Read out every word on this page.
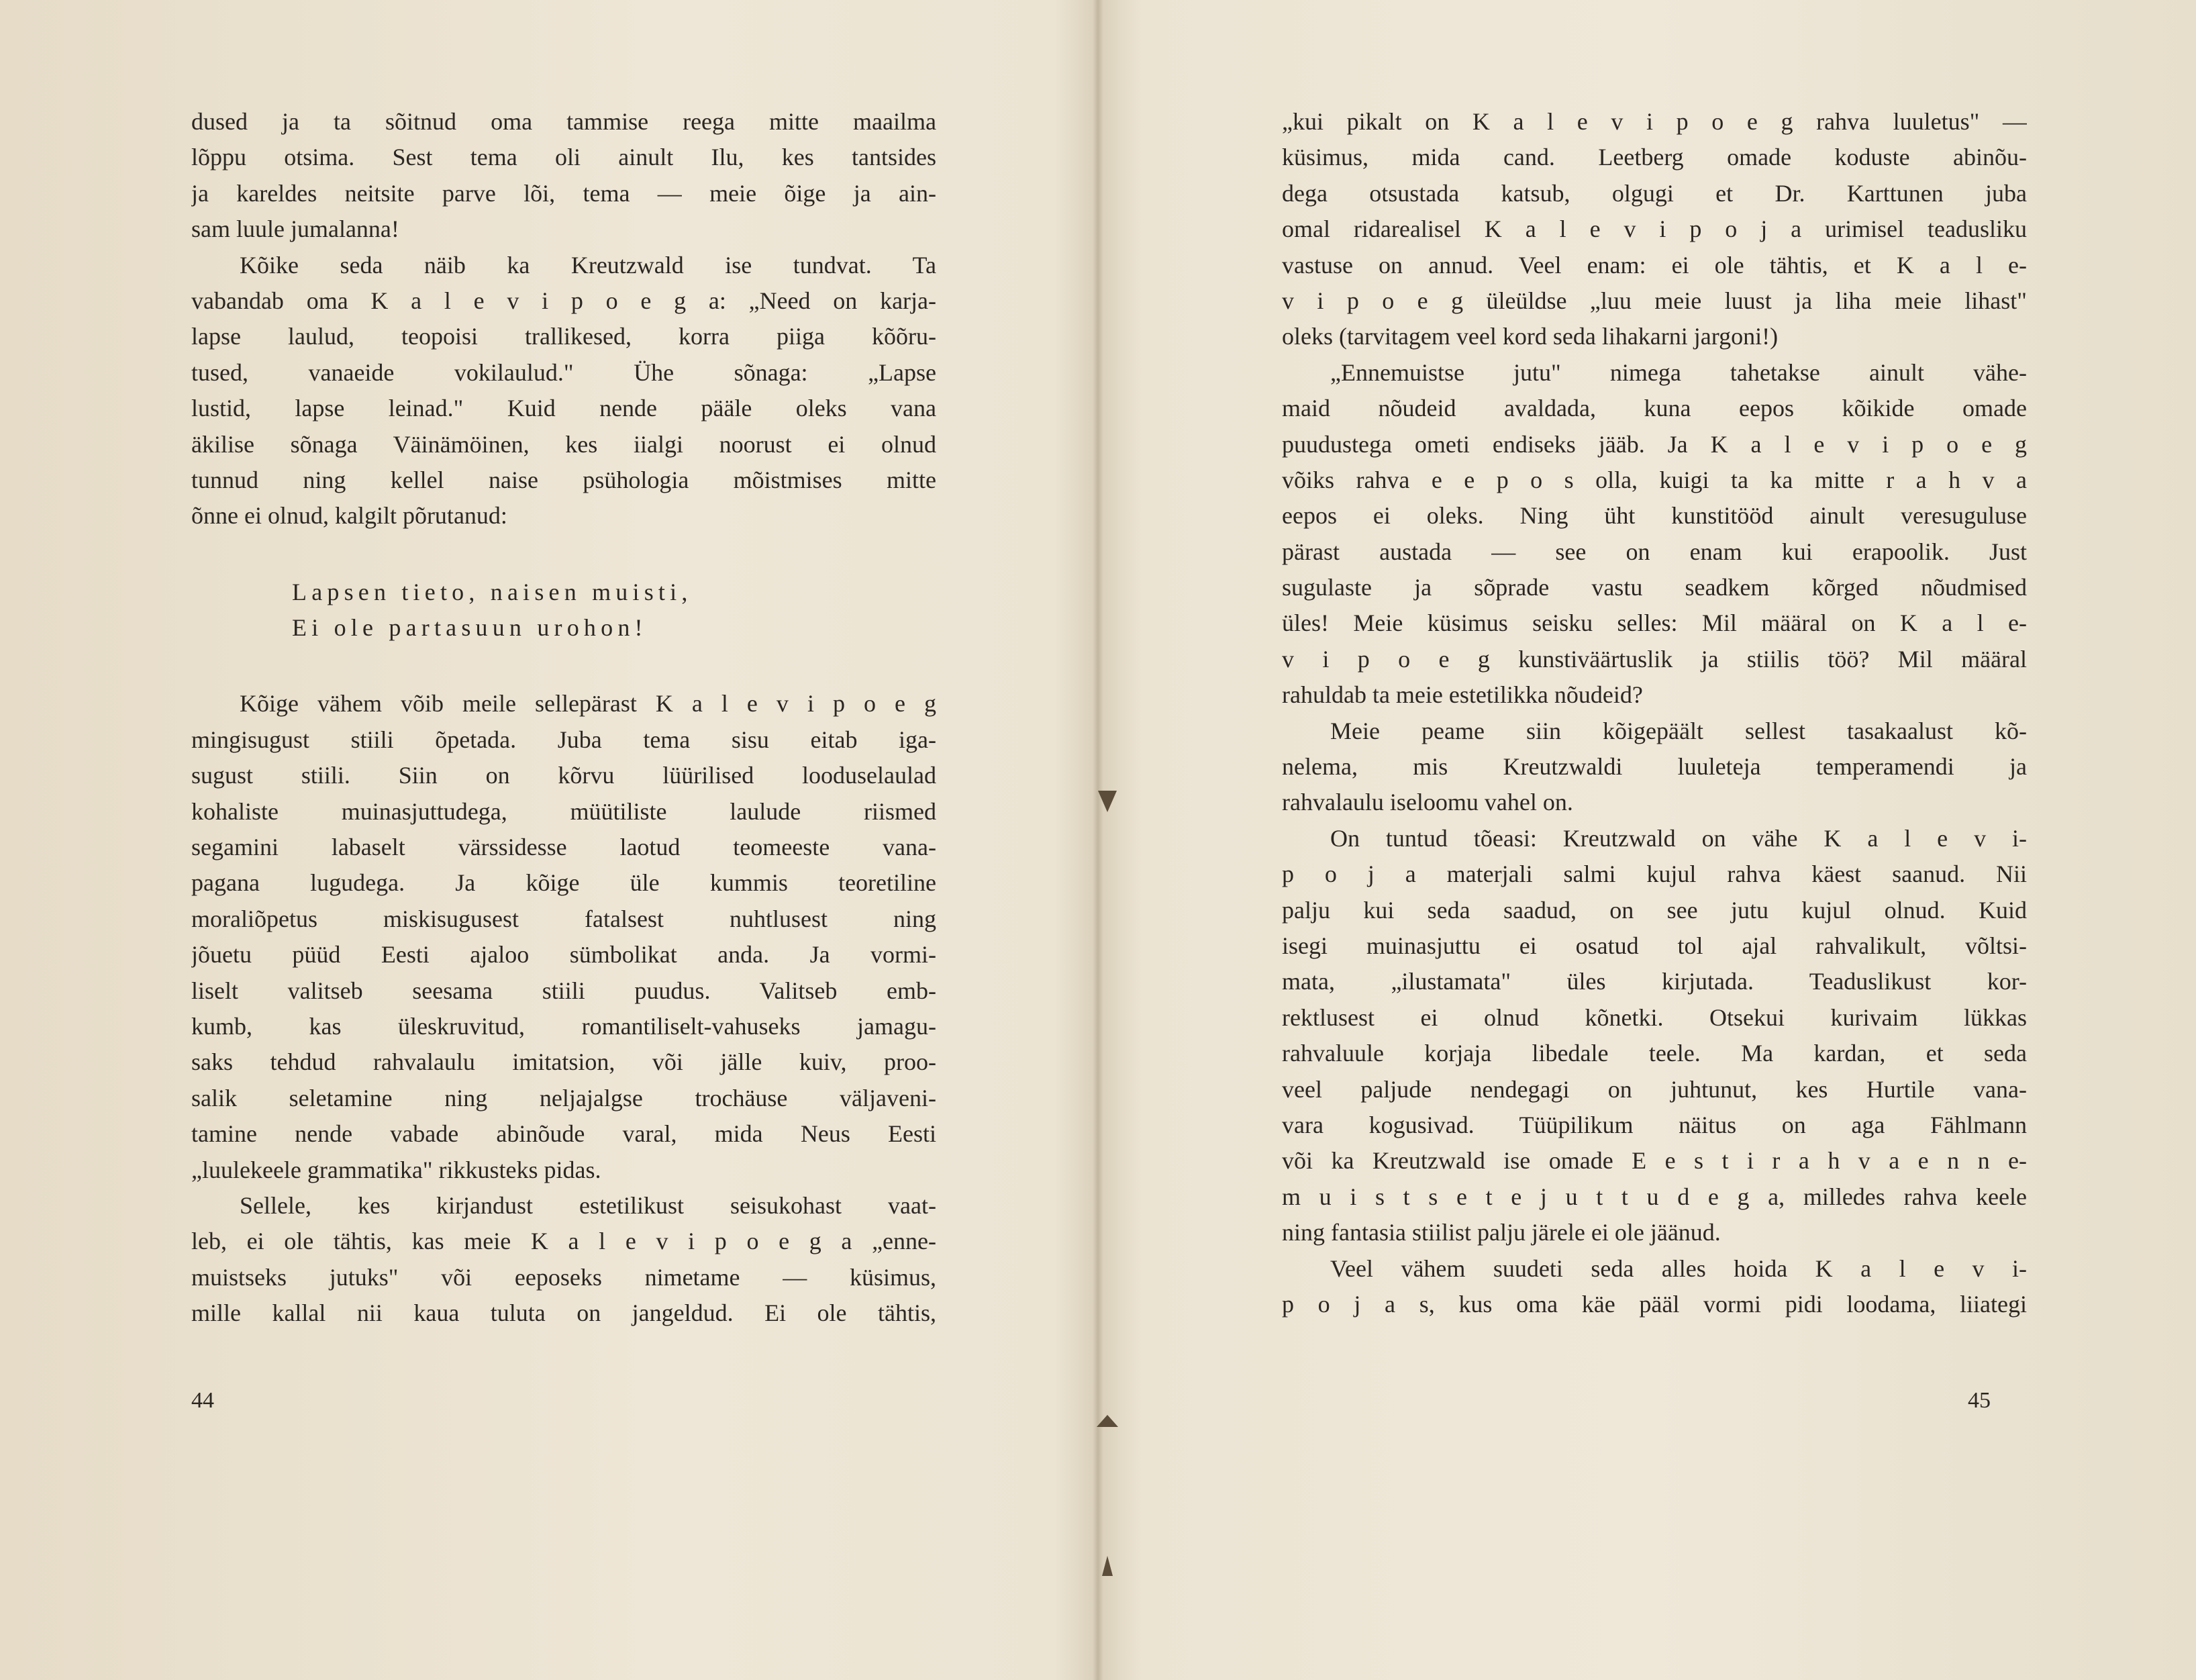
dused ja ta sõitnud oma tammise reega mitte maailma
lõppu otsima. Sest tema oli ainult Ilu, kes tantsides
ja kareldes neitsite parve lõi, tema — meie õige ja ain-
sam luule jumalanna!
Kõike seda näib ka Kreutzwald ise tundvat. Ta
vabandab oma K a l e v i p o e g a: „Need on karja-
lapse laulud, teopoisi trallikesed, korra piiga kõõru-
tused, vanaeide vokilaulud." Ühe sõnaga: „Lapse
lustid, lapse leinad." Kuid nende pääle oleks vana
äkilise sõnaga Väinämöinen, kes iialgi noorust ei olnud
tunnud ning kellel naise psühologia mõistmises mitte
õnne ei olnud, kalgilt põrutanud:
Lapsen tieto, naisen muisti,
Ei ole partasuun urohon!
Kõige vähem võib meile sellepärast K a l e v i p o e g
mingisugust stiili õpetada. Juba tema sisu eitab iga-
sugust stiili. Siin on kõrvu lüürilised looduselaulad
kohaliste muinasjuttudega, müütiliste laulude riismed
segamini labaselt värssidesse laotud teomeeste vana-
pagana lugudega. Ja kõige üle kummis teoretiline
moraliõpetus miskisugusest fatalsest nuhtlusest ning
jõuetu püüd Eesti ajaloo sümbolikat anda. Ja vormi-
liselt valitseb seesama stiili puudus. Valitseb emb-
kumb, kas üleskruvitud, romantiliselt-vahuseks jamagu-
saks tehdud rahvalaulu imitatsion, või jälle kuiv, proo-
salik seletamine ning neljajalgse trochäuse väljaveni-
tamine nende vabade abinõude varal, mida Neus Eesti
„luulekeele grammatika" rikkusteks pidas.
Sellele, kes kirjandust estetilikust seisukohast vaat-
leb, ei ole tähtis, kas meie K a l e v i p o e g a „enne-
muistseks jutuks" või eeposeks nimetame — küsimus,
mille kallal nii kaua tuluta on jangeldud. Ei ole tähtis,
„kui pikalt on K a l e v i p o e g rahva luuletus" —
küsimus, mida cand. Leetberg omade koduste abinõu-
dega otsustada katsub, olgugi et Dr. Karttunen juba
omal ridarealisel K a l e v i p o j a urimisel teadusliku
vastuse on annud. Veel enam: ei ole tähtis, et K a l e-
v i p o e g üleüldse „luu meie luust ja liha meie lihast"
oleks (tarvitagem veel kord seda lihakarni jargoni!)
„Ennemuistse jutu" nimega tahetakse ainult vähe-
maid nõudeid avaldada, kuna eepos kõikide omade
puudustega ometi endiseks jääb. Ja K a l e v i p o e g
võiks rahva e e p o s olla, kuigi ta ka mitte r a h v a
eepos ei oleks. Ning üht kunstitööd ainult veresuguluse
pärast austada — see on enam kui erapoolik. Just
sugulaste ja sõprade vastu seadkem kõrged nõudmised
üles! Meie küsimus seisku selles: Mil määral on K a l e-
v i p o e g kunstiväärtuslik ja stiilis töö? Mil määral
rahuldab ta meie estetilikka nõudeid?
Meie peame siin kõigepäält sellest tasakaalust kõ-
nelema, mis Kreutzwaldi luuleteja temperamendi ja
rahvalaulu iseloomu vahel on.
On tuntud tõeasi: Kreutzwald on vähe K a l e v i-
p o j a materjali salmi kujul rahva käest saanud. Nii
palju kui seda saadud, on see jutu kujul olnud. Kuid
isegi muinasjuttu ei osatud tol ajal rahvalikult, võltsi-
mata, „ilustamata" üles kirjutada. Teaduslikust kor-
rektlusest ei olnud kõnetki. Otsekui kurivaim lükkas
rahvaluule korjaja libedale teele. Ma kardan, et seda
veel paljude nendegagi on juhtunut, kes Hurtile vana-
vara kogusivad. Tüüpilikum näitus on aga Fählmann
või ka Kreutzwald ise omade E e s t i r a h v a e n n e-
m u i s t s e t e j u t t u d e g a, milledes rahva keele
ning fantasia stiilist palju järele ei ole jäänud.
Veel vähem suudeti seda alles hoida K a l e v i-
p o j a s, kus oma käe pääl vormi pidi loodama, liiategi
44	45
